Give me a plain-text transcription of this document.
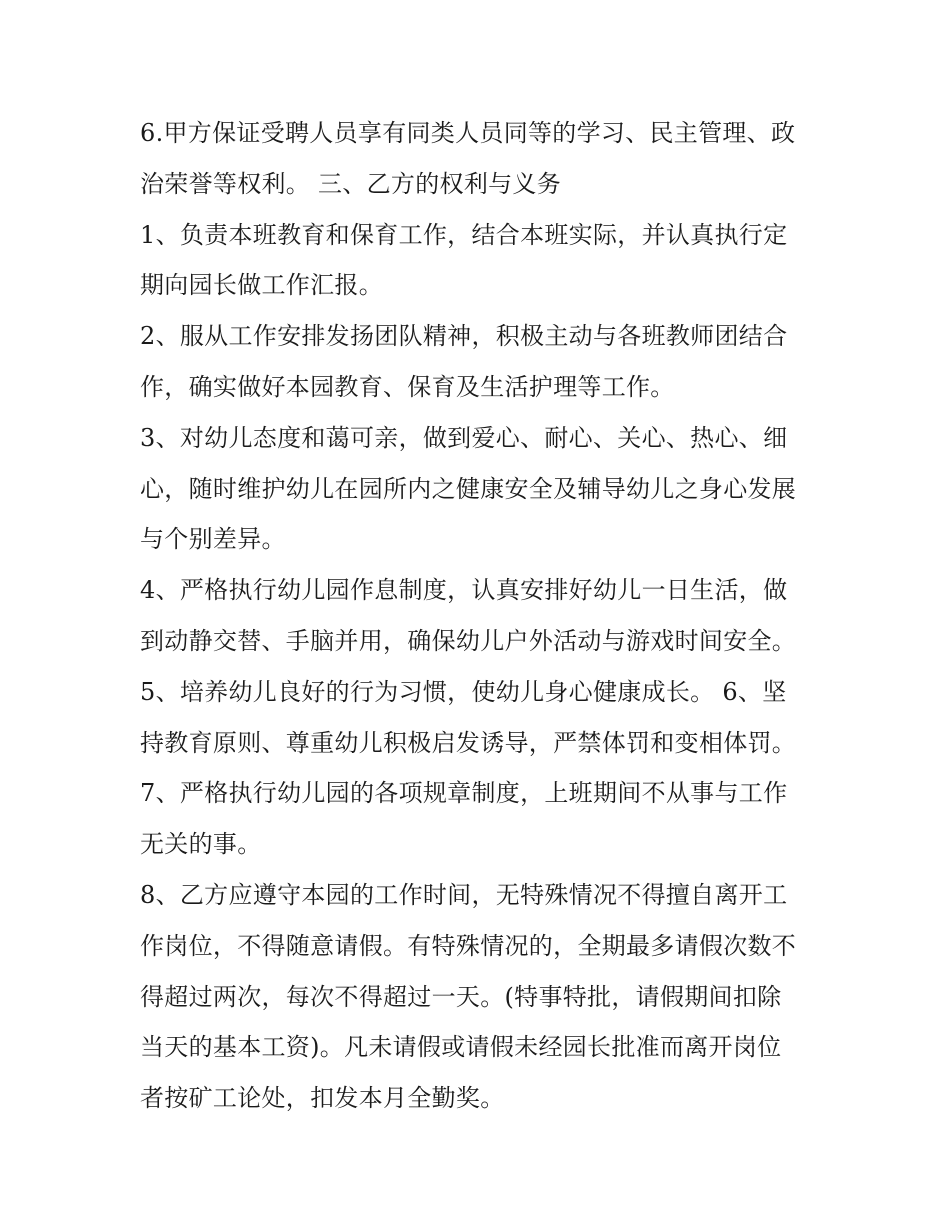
6.甲方保证受聘人员享有同类人员同等的学习、民主管理、政
治荣誉等权利。 三、乙方的权利与义务
1、负责本班教育和保育工作，结合本班实际，并认真执行定
期向园长做工作汇报。
2、服从工作安排发扬团队精神，积极主动与各班教师团结合
作，确实做好本园教育、保育及生活护理等工作。
3、对幼儿态度和蔼可亲，做到爱心、耐心、关心、热心、细
心，随时维护幼儿在园所内之健康安全及辅导幼儿之身心发展
与个别差异。
4、严格执行幼儿园作息制度，认真安排好幼儿一日生活，做
到动静交替、手脑并用，确保幼儿户外活动与游戏时间安全。
5、培养幼儿良好的行为习惯，使幼儿身心健康成长。 6、坚
持教育原则、尊重幼儿积极启发诱导，严禁体罚和变相体罚。
7、严格执行幼儿园的各项规章制度，上班期间不从事与工作
无关的事。
8、乙方应遵守本园的工作时间，无特殊情况不得擅自离开工
作岗位，不得随意请假。有特殊情况的，全期最多请假次数不
得超过两次，每次不得超过一天。(特事特批，请假期间扣除
当天的基本工资)。凡未请假或请假未经园长批准而离开岗位
者按矿工论处，扣发本月全勤奖。
